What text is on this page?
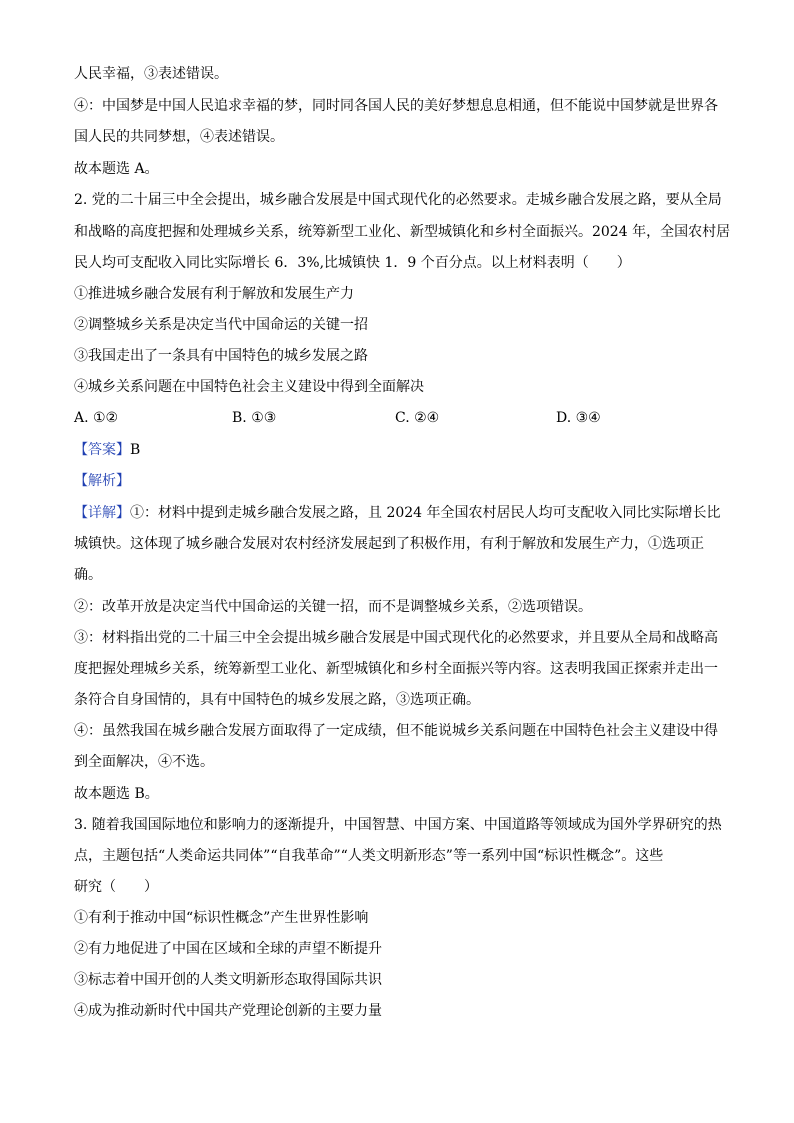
人民幸福，③表述错误。
④：中国梦是中国人民追求幸福的梦，同时同各国人民的美好梦想息息相通，但不能说中国梦就是世界各
国人民的共同梦想，④表述错误。
故本题选 A。
2. 党的二十届三中全会提出，城乡融合发展是中国式现代化的必然要求。走城乡融合发展之路，要从全局
和战略的高度把握和处理城乡关系，统筹新型工业化、新型城镇化和乡村全面振兴。2024 年，全国农村居
民人均可支配收入同比实际增长 6．3%,比城镇快 1．9 个百分点。以上材料表明（　　）
①推进城乡融合发展有利于解放和发展生产力
②调整城乡关系是决定当代中国命运的关键一招
③我国走出了一条具有中国特色的城乡发展之路
④城乡关系问题在中国特色社会主义建设中得到全面解决
A. ①②	B. ①③	C. ②④	D. ③④
【答案】B
【解析】
【详解】①：材料中提到走城乡融合发展之路，且 2024 年全国农村居民人均可支配收入同比实际增长比
城镇快。这体现了城乡融合发展对农村经济发展起到了积极作用，有利于解放和发展生产力，①选项正
确。
②：改革开放是决定当代中国命运的关键一招，而不是调整城乡关系，②选项错误。
③：材料指出党的二十届三中全会提出城乡融合发展是中国式现代化的必然要求，并且要从全局和战略高
度把握处理城乡关系，统筹新型工业化、新型城镇化和乡村全面振兴等内容。这表明我国正探索并走出一
条符合自身国情的，具有中国特色的城乡发展之路，③选项正确。
④：虽然我国在城乡融合发展方面取得了一定成绩，但不能说城乡关系问题在中国特色社会主义建设中得
到全面解决，④不选。
故本题选 B。
3. 随着我国国际地位和影响力的逐渐提升，中国智慧、中国方案、中国道路等领域成为国外学界研究的热
点，主题包括“人类命运共同体”“自我革命”“人类文明新形态”等一系列中国“标识性概念”。这些
研究（　　）
①有利于推动中国“标识性概念”产生世界性影响
②有力地促进了中国在区域和全球的声望不断提升
③标志着中国开创的人类文明新形态取得国际共识
④成为推动新时代中国共产党理论创新的主要力量
